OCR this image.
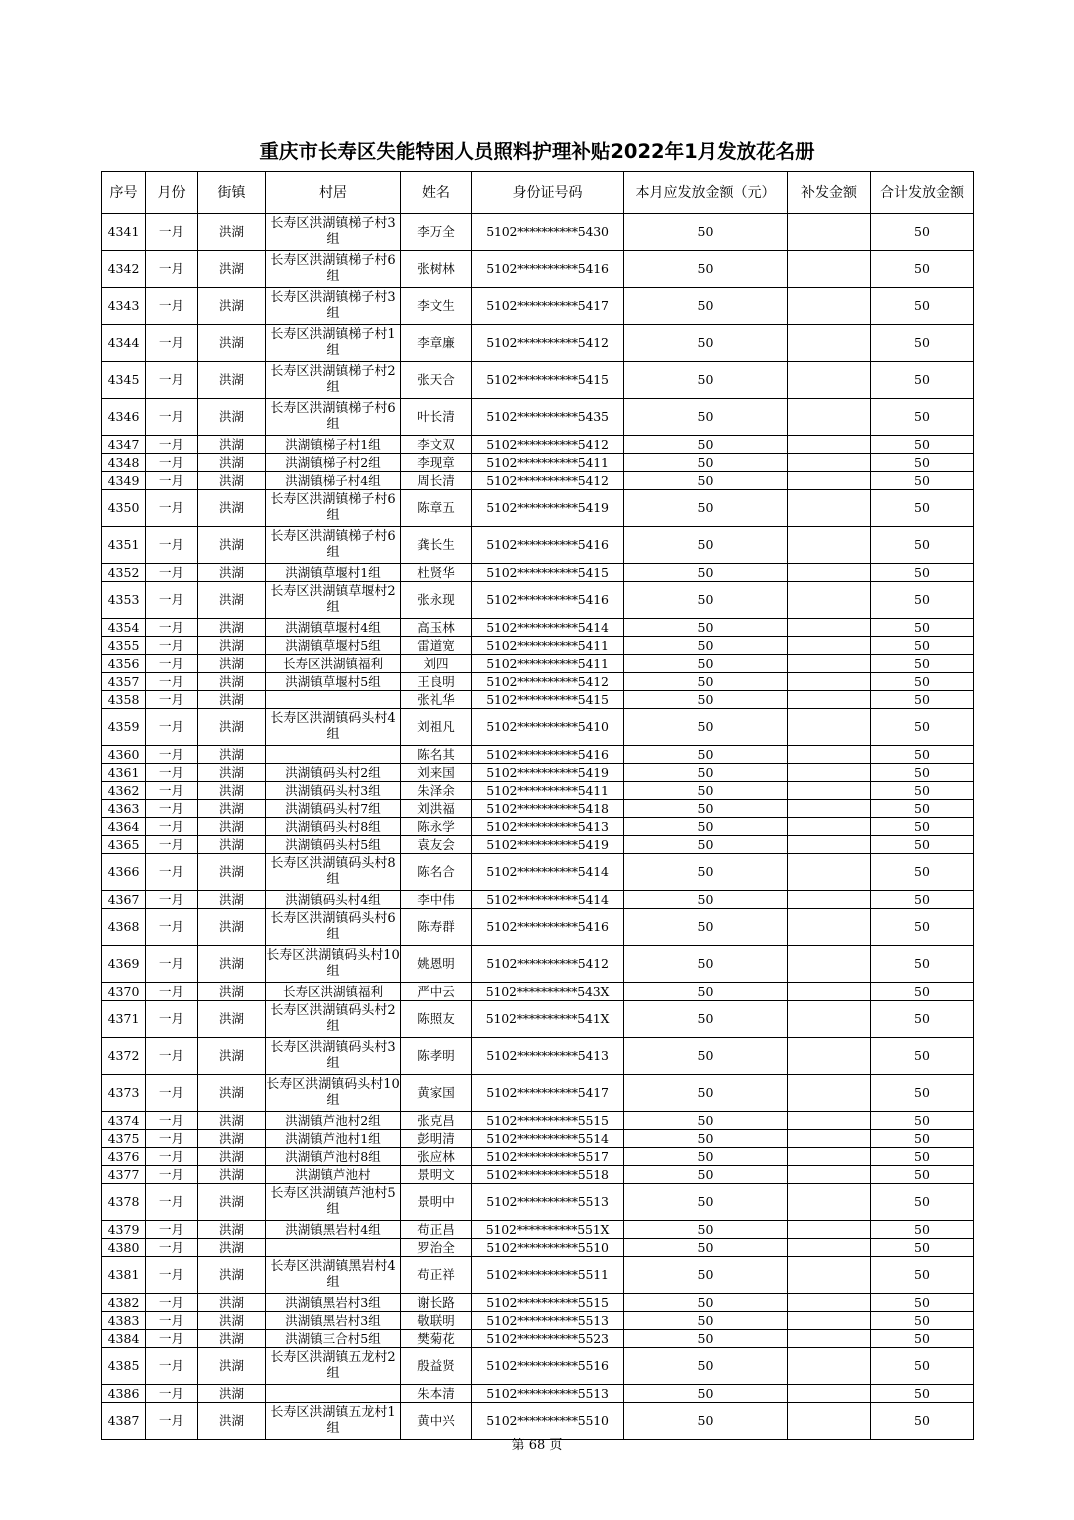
重庆市长寿区失能特困人员照料护理补贴2022年1月发放花名册
序号	月份	街镇	村居	姓名	身份证号码	本月应发放金额（元）	补发金额	合计发放金额
4341	一月	洪湖	长寿区洪湖镇梯子村3组	李万全	5102**********5430	50		50
4342	一月	洪湖	长寿区洪湖镇梯子村6组	张树林	5102**********5416	50		50
4343	一月	洪湖	长寿区洪湖镇梯子村3组	李文生	5102**********5417	50		50
4344	一月	洪湖	长寿区洪湖镇梯子村1组	李章廉	5102**********5412	50		50
4345	一月	洪湖	长寿区洪湖镇梯子村2组	张天合	5102**********5415	50		50
4346	一月	洪湖	长寿区洪湖镇梯子村6组	叶长清	5102**********5435	50		50
4347	一月	洪湖	洪湖镇梯子村1组	李文双	5102**********5412	50		50
4348	一月	洪湖	洪湖镇梯子村2组	李现章	5102**********5411	50		50
4349	一月	洪湖	洪湖镇梯子村4组	周长清	5102**********5412	50		50
4350	一月	洪湖	长寿区洪湖镇梯子村6组	陈章五	5102**********5419	50		50
4351	一月	洪湖	长寿区洪湖镇梯子村6组	龚长生	5102**********5416	50		50
4352	一月	洪湖	洪湖镇草堰村1组	杜贤华	5102**********5415	50		50
4353	一月	洪湖	长寿区洪湖镇草堰村2组	张永现	5102**********5416	50		50
4354	一月	洪湖	洪湖镇草堰村4组	高玉林	5102**********5414	50		50
4355	一月	洪湖	洪湖镇草堰村5组	雷道宽	5102**********5411	50		50
4356	一月	洪湖	长寿区洪湖镇福利	刘四	5102**********5411	50		50
4357	一月	洪湖	洪湖镇草堰村5组	王良明	5102**********5412	50		50
4358	一月	洪湖		张礼华	5102**********5415	50		50
4359	一月	洪湖	长寿区洪湖镇码头村4组	刘祖凡	5102**********5410	50		50
4360	一月	洪湖		陈名其	5102**********5416	50		50
4361	一月	洪湖	洪湖镇码头村2组	刘来国	5102**********5419	50		50
4362	一月	洪湖	洪湖镇码头村3组	朱泽余	5102**********5411	50		50
4363	一月	洪湖	洪湖镇码头村7组	刘洪福	5102**********5418	50		50
4364	一月	洪湖	洪湖镇码头村8组	陈永学	5102**********5413	50		50
4365	一月	洪湖	洪湖镇码头村5组	袁友会	5102**********5419	50		50
4366	一月	洪湖	长寿区洪湖镇码头村8组	陈名合	5102**********5414	50		50
4367	一月	洪湖	洪湖镇码头村4组	李中伟	5102**********5414	50		50
4368	一月	洪湖	长寿区洪湖镇码头村6组	陈寿群	5102**********5416	50		50
4369	一月	洪湖	长寿区洪湖镇码头村10组	姚恩明	5102**********5412	50		50
4370	一月	洪湖	长寿区洪湖镇福利	严中云	5102**********543X	50		50
4371	一月	洪湖	长寿区洪湖镇码头村2组	陈照友	5102**********541X	50		50
4372	一月	洪湖	长寿区洪湖镇码头村3组	陈孝明	5102**********5413	50		50
4373	一月	洪湖	长寿区洪湖镇码头村10组	黄家国	5102**********5417	50		50
4374	一月	洪湖	洪湖镇芦池村2组	张克昌	5102**********5515	50		50
4375	一月	洪湖	洪湖镇芦池村1组	彭明清	5102**********5514	50		50
4376	一月	洪湖	洪湖镇芦池村8组	张应林	5102**********5517	50		50
4377	一月	洪湖	洪湖镇芦池村	景明文	5102**********5518	50		50
4378	一月	洪湖	长寿区洪湖镇芦池村5组	景明中	5102**********5513	50		50
4379	一月	洪湖	洪湖镇黑岩村4组	苟正昌	5102**********551X	50		50
4380	一月	洪湖		罗治全	5102**********5510	50		50
4381	一月	洪湖	长寿区洪湖镇黑岩村4组	苟正祥	5102**********5511	50		50
4382	一月	洪湖	洪湖镇黑岩村3组	谢长路	5102**********5515	50		50
4383	一月	洪湖	洪湖镇黑岩村3组	敬联明	5102**********5513	50		50
4384	一月	洪湖	洪湖镇三合村5组	樊菊花	5102**********5523	50		50
4385	一月	洪湖	长寿区洪湖镇五龙村2组	殷益贤	5102**********5516	50		50
4386	一月	洪湖		朱本清	5102**********5513	50		50
4387	一月	洪湖	长寿区洪湖镇五龙村1组	黄中兴	5102**********5510	50		50
第 68 页
